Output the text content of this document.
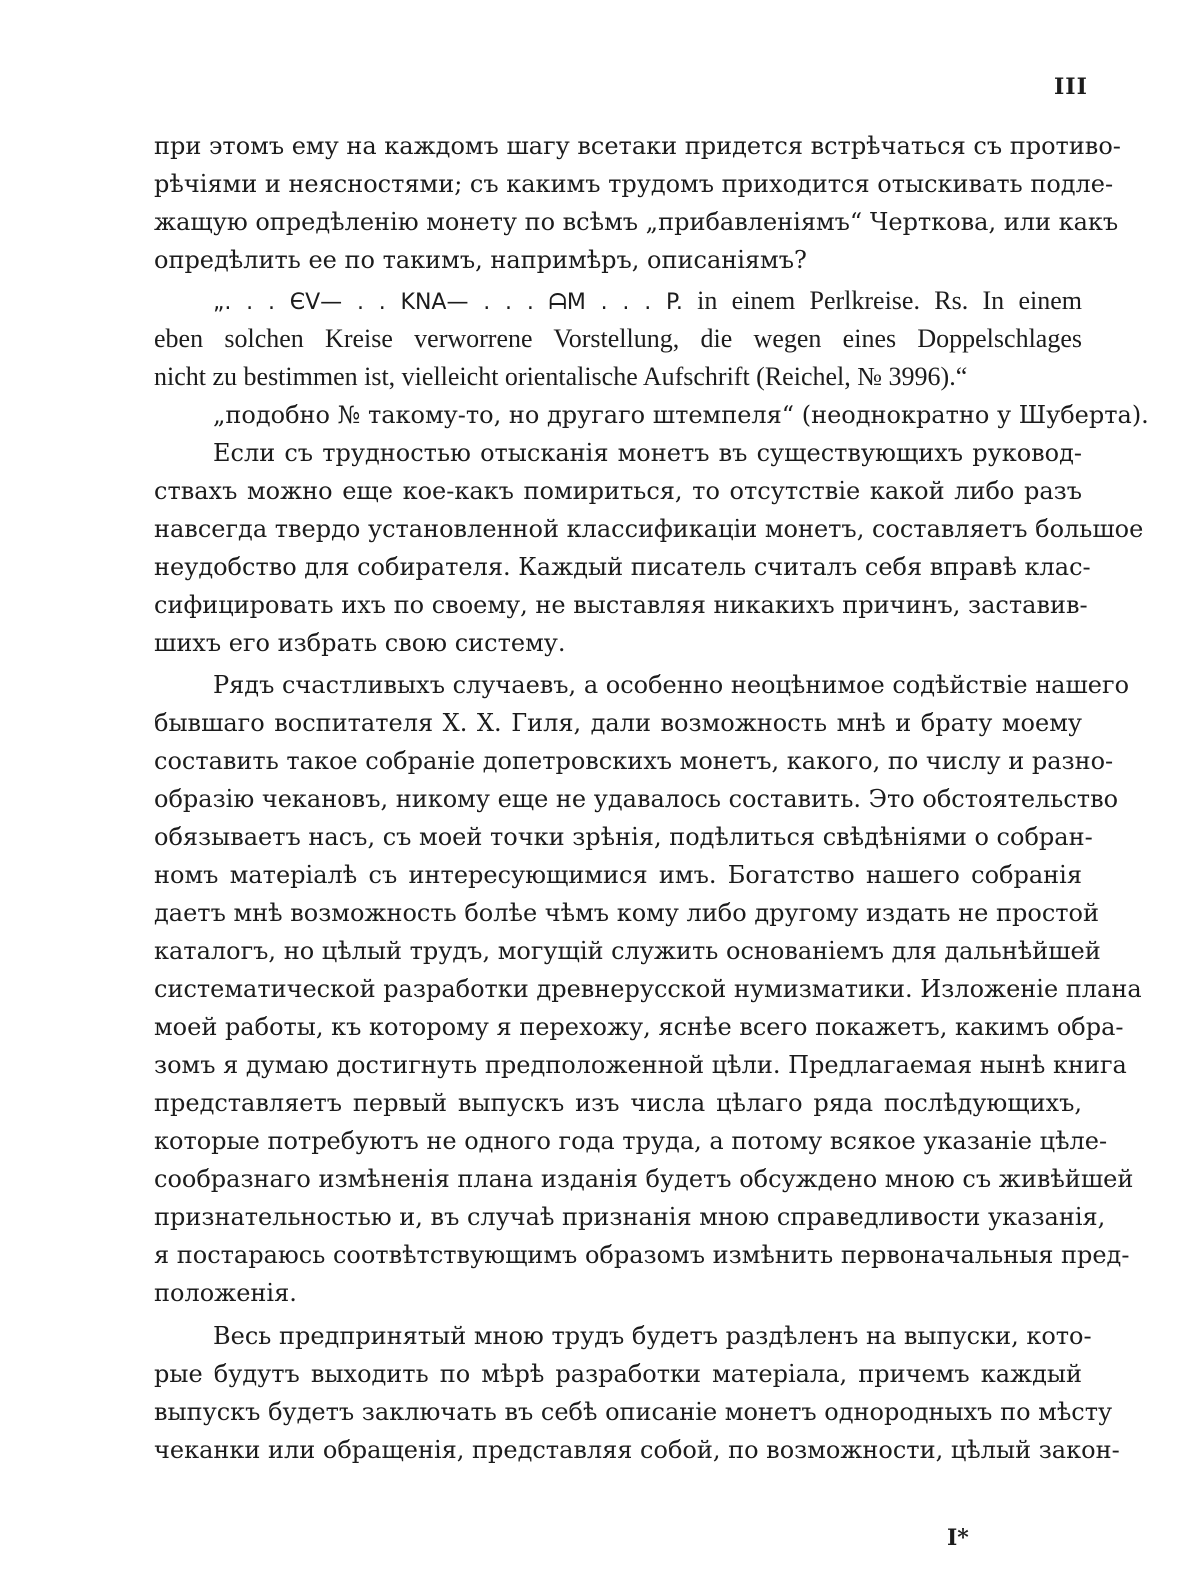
III
при этомъ ему на каждомъ шагу всетаки придется встрѣчаться съ противо-
рѣчіями и неясностями; съ какимъ трудомъ приходится отыскивать подле-
жащую опредѣленію монету по всѣмъ „прибавленіямъ“ Черткова, или какъ
опредѣлить ее по такимъ, напримѣръ, описаніямъ?
„. . . ЄV— . . KNA— . . . ᗩM . . . P. in einem Perlkreise. Rs. In einem
eben solchen Kreise verworrene Vorstellung, die wegen eines Doppelschlages
nicht zu bestimmen ist, vielleicht orientalische Aufschrift (Reichel, № 3996).“
„подобно № такому-то, но другаго штемпеля“ (неоднократно у Шуберта).
Если съ трудностью отысканія монетъ въ существующихъ руковод-
ствахъ можно еще кое-какъ помириться, то отсутствіе какой либо разъ
навсегда твердо установленной классификаціи монетъ, составляетъ большое
неудобство для собирателя. Каждый писатель считалъ себя вправѣ клас-
сифицировать ихъ по своему, не выставляя никакихъ причинъ, заставив-
шихъ его избрать свою систему.
Рядъ счастливыхъ случаевъ, а особенно неоцѣнимое содѣйствіе нашего
бывшаго воспитателя Х. Х. Гиля, дали возможность мнѣ и брату моему
составить такое собраніе допетровскихъ монетъ, какого, по числу и разно-
образію чекановъ, никому еще не удавалось составить. Это обстоятельство
обязываетъ насъ, съ моей точки зрѣнія, подѣлиться свѣдѣніями о собран-
номъ матеріалѣ съ интересующимися имъ. Богатство нашего собранія
даетъ мнѣ возможность болѣе чѣмъ кому либо другому издать не простой
каталогъ, но цѣлый трудъ, могущій служить основаніемъ для дальнѣйшей
систематической разработки древнерусской нумизматики. Изложеніе плана
моей работы, къ которому я перехожу, яснѣе всего покажетъ, какимъ обра-
зомъ я думаю достигнуть предположенной цѣли. Предлагаемая нынѣ книга
представляетъ первый выпускъ изъ числа цѣлаго ряда послѣдующихъ,
которые потребуютъ не одного года труда, а потому всякое указаніе цѣле-
сообразнаго измѣненія плана изданія будетъ обсуждено мною съ живѣйшей
признательностью и, въ случаѣ признанія мною справедливости указанія,
я постараюсь соотвѣтствующимъ образомъ измѣнить первоначальныя пред-
положенія.
Весь предпринятый мною трудъ будетъ раздѣленъ на выпуски, кото-
рые будутъ выходить по мѣрѣ разработки матеріала, причемъ каждый
выпускъ будетъ заключать въ себѣ описаніе монетъ однородныхъ по мѣсту
чеканки или обращенія, представляя собой, по возможности, цѣлый закон-
I*
